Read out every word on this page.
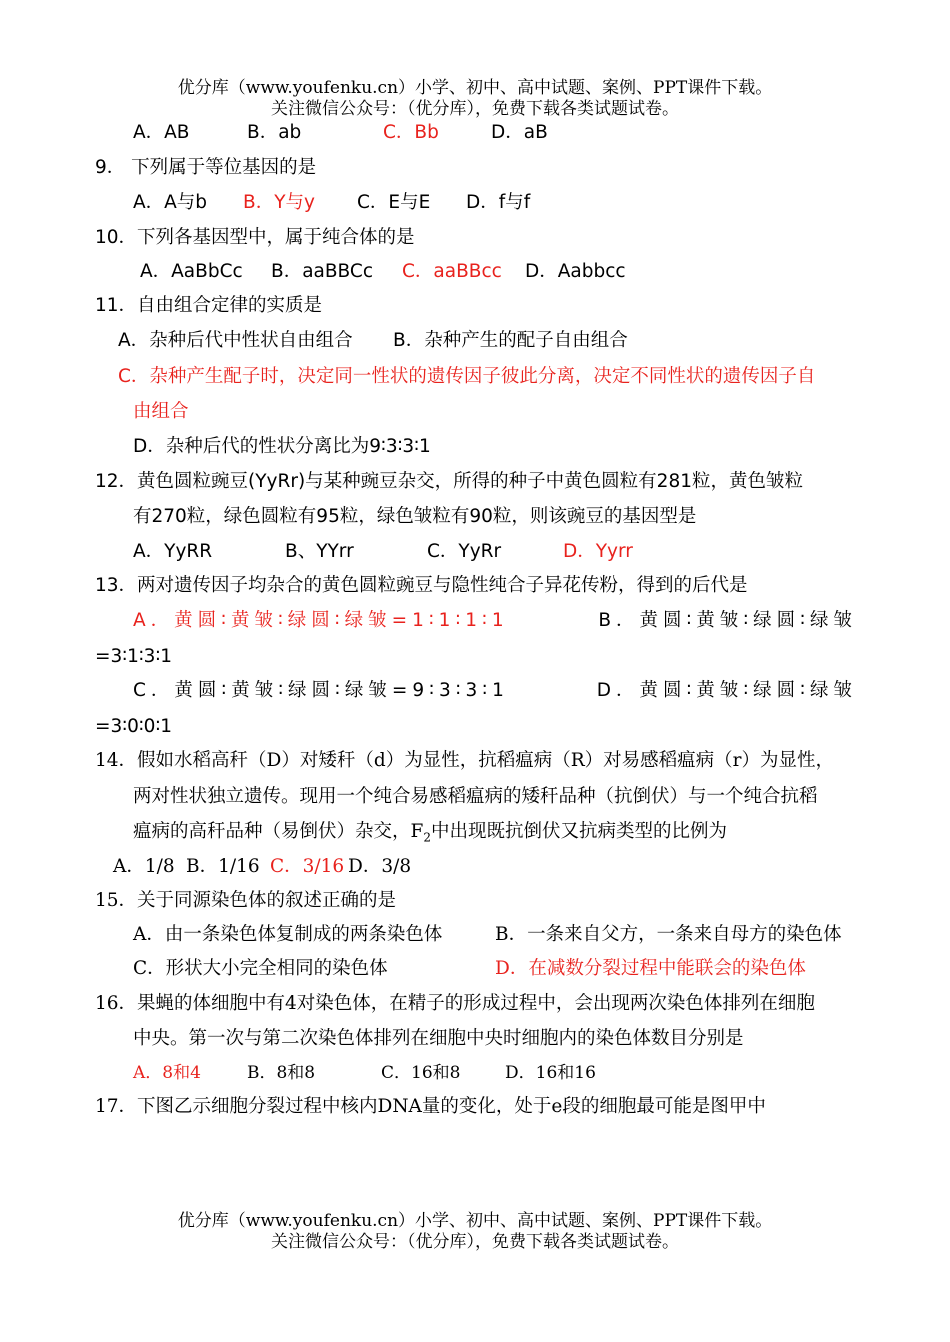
优分库（www.youfenku.cn）小学、初中、高中试题、案例、PPT课件下载。
关注微信公众号：（优分库），免费下载各类试题试卷。
A．AB	B．ab	C．Bb	D．aB
9． 下列属于等位基因的是
A．A与b B．Y与y C．E与E D．f与f
10．下列各基因型中，属于纯合体的是
A．AaBbCc B．aaBBCc C．aaBBcc D．Aabbcc
11．自由组合定律的实质是
A．杂种后代中性状自由组合 B．杂种产生的配子自由组合
C．杂种产生配子时，决定同一性状的遗传因子彼此分离，决定不同性状的遗传因子自
由组合
D．杂种后代的性状分离比为9∶3∶3∶1
12．黄色圆粒豌豆(YyRr)与某种豌豆杂交，所得的种子中黄色圆粒有281粒，黄色皱粒
有270粒，绿色圆粒有95粒，绿色皱粒有90粒，则该豌豆的基因型是
A．YyRR	B、YYrr	C．YyRr	D．Yyrr
13．两对遗传因子均杂合的黄色圆粒豌豆与隐性纯合子异花传粉，得到的后代是
A．黄圆∶黄皱∶绿圆∶绿皱=1∶1∶1∶1	B．黄圆∶黄皱∶绿圆∶绿皱
=3∶1∶3∶1
C．黄圆∶黄皱∶绿圆∶绿皱=9∶3∶3∶1	D．黄圆∶黄皱∶绿圆∶绿皱
=3∶0∶0∶1
14．假如水稻高秆（D）对矮秆（d）为显性，抗稻瘟病（R）对易感稻瘟病（r）为显性，
两对性状独立遗传。现用一个纯合易感稻瘟病的矮秆品种（抗倒伏）与一个纯合抗稻
瘟病的高秆品种（易倒伏）杂交，$F_2$中出现既抗倒伏又抗病类型的比例为
A．1/8 B．1/16 C．3/16 D．3/8
15．关于同源染色体的叙述正确的是
A．由一条染色体复制成的两条染色体	B．一条来自父方，一条来自母方的染色体
C．形状大小完全相同的染色体	D．在减数分裂过程中能联会的染色体
16．果蝇的体细胞中有4对染色体，在精子的形成过程中，会出现两次染色体排列在细胞
中央。第一次与第二次染色体排列在细胞中央时细胞内的染色体数目分别是
A．8和4	B．8和8	C．16和8	D．16和16
17．下图乙示细胞分裂过程中核内DNA量的变化，处于e段的细胞最可能是图甲中
优分库（www.youfenku.cn）小学、初中、高中试题、案例、PPT课件下载。
关注微信公众号：（优分库），免费下载各类试题试卷。
